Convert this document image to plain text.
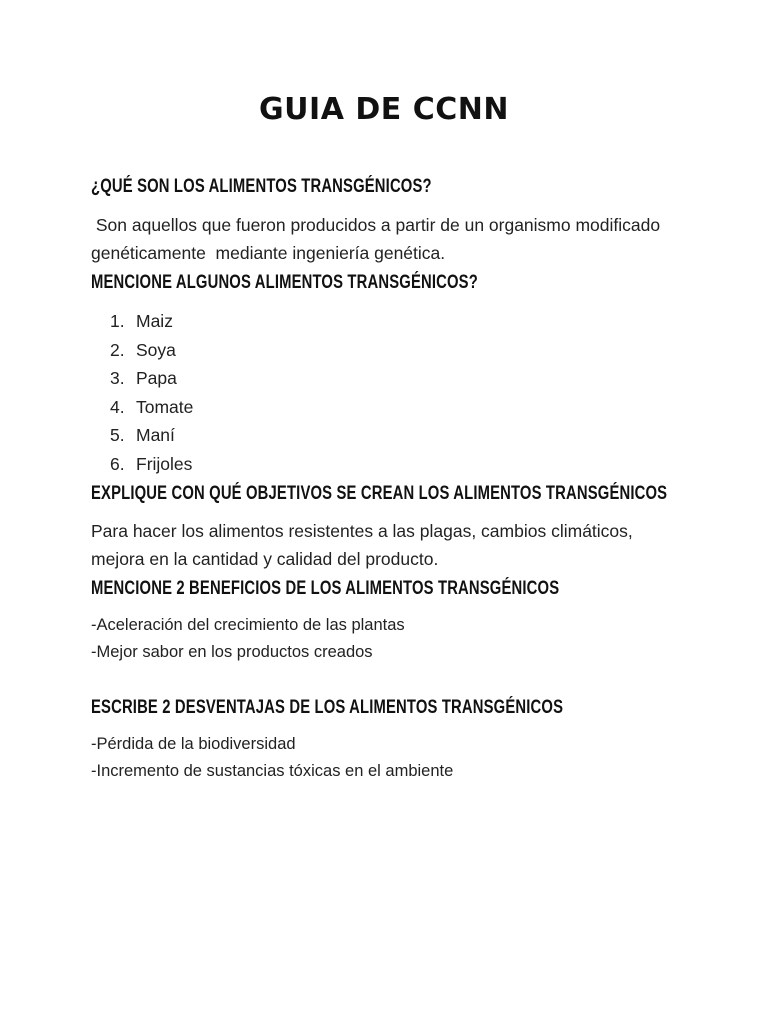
GUIA DE CCNN
¿QUÉ SON LOS ALIMENTOS TRANSGÉNICOS?
Son aquellos que fueron producidos a partir de un organismo modificado
genéticamente  mediante ingeniería genética.
MENCIONE ALGUNOS ALIMENTOS TRANSGÉNICOS?
1. Maiz
2. Soya
3. Papa
4. Tomate
5. Maní
6. Frijoles
EXPLIQUE CON QUÉ OBJETIVOS SE CREAN LOS ALIMENTOS TRANSGÉNICOS
Para hacer los alimentos resistentes a las plagas, cambios climáticos,
mejora en la cantidad y calidad del producto.
MENCIONE 2 BENEFICIOS DE LOS ALIMENTOS TRANSGÉNICOS
-Aceleración del crecimiento de las plantas
-Mejor sabor en los productos creados
ESCRIBE 2 DESVENTAJAS DE LOS ALIMENTOS TRANSGÉNICOS
-Pérdida de la biodiversidad
-Incremento de sustancias tóxicas en el ambiente
